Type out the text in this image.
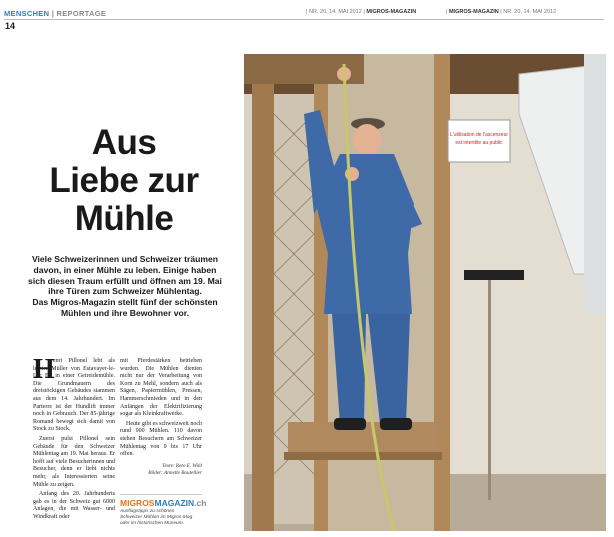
MENSCHEN | REPORTAGE	| NR. 20, 14. MAI 2012 | MIGROS-MAGAZIN	| MIGROS-MAGAZIN | NR. 20, 14. MAI 2012
14
Aus
Liebe zur
Mühle
Viele Schweizerinnen und Schweizer träumen
davon, in einer Mühle zu leben. Einige haben
sich diesen Traum erfüllt und öffnen am 19. Mai
ihre Türen zum Schweizer Mühlentag.
Das Migros-Magazin stellt fünf der schönsten
Mühlen und ihre Bewohner vor.
H

enri Pillonel lebt als letzter Müller von Estavayer-le-Lac FR in einer Getreidemühle. Die Grundmauern des dreistöckigen Gebäudes stammen aus dem 14. Jahrhundert. Im Parterre ist der Hundlift immer noch in Gebrauch. Der 85-jährige Romand bewegt sich damit von Stock zu Stock.

Zuerst pulst Pillonel sein Gebäude für den Schweizer Mühlentag am 19. Mai heraus. Er hofft auf viele Besucherinnen und Besucher, denn er liebt nichts mehr, als Interessierten seine Mühle zu zeigen.

Anfang des 20. Jahrhunderts gab es in der Schweiz gut 6000 Anlagen, die mit Wasser- und Windkraft oder

mit Pferdestärken betrieben wurden. Die Mühlen dienten nicht nur der Verarbeitung von Korn zu Mehl, sondern auch als Sägen, Papiermühlen, Pressen, Hammerschmieden und in den Anfängen der Elektrifizierung sogar als Kleinkraftwerke.

Heute gibt es schweizweit noch rund 900 Mühlen. 110 davon stehen Besuchern am Schweizer Mühlentag von 9 bis 17 Uhr offen.

Texte: Reto E. Wild
Bilder: Annette Boutellier
MIGROSMAGAZIN.ch
Ausflugstipps zu schönen
Schweizer Mühlen im Migros-Mag
oder im historischen Museum.
L'utilisation de l'ascenseur
est interdite au public
